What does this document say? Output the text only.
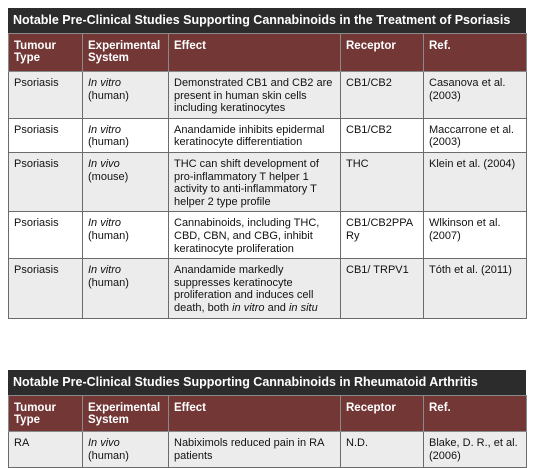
Notable Pre-Clinical Studies Supporting Cannabinoids in the Treatment of Psoriasis
Tumour Type	Experimental System	Effect	Receptor	Ref.
Psoriasis	In vitro (human)	Demonstrated CB1 and CB2 are present in human skin cells including keratinocytes	CB1/CB2	Casanova et al. (2003)
Psoriasis	In vitro (human)	Anandamide inhibits epidermal keratinocyte differentiation	CB1/CB2	Maccarrone et al. (2003)
Psoriasis	In vivo (mouse)	THC can shift development of pro-inflammatory T helper 1 activity to anti-inflammatory T helper 2 type profile	THC	Klein et al. (2004)
Psoriasis	In vitro (human)	Cannabinoids, including THC, CBD, CBN, and CBG, inhibit keratinocyte proliferation	CB1/CB2PPARy	Wlkinson et al. (2007)
Psoriasis	In vitro (human)	Anandamide markedly suppresses keratinocyte proliferation and induces cell death, both in vitro and in situ	CB1/ TRPV1	Tóth et al. (2011)
Notable Pre-Clinical Studies Supporting Cannabinoids in Rheumatoid Arthritis
Tumour Type	Experimental System	Effect	Receptor	Ref.
RA	In vivo (human)	Nabiximols reduced pain in RA patients	N.D.	Blake, D. R., et al. (2006)
